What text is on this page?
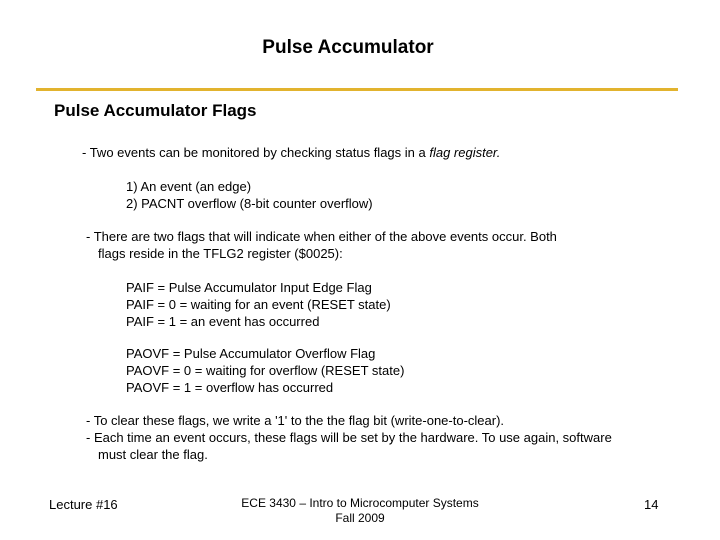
Pulse Accumulator
Pulse Accumulator Flags
- Two events can be monitored by checking status flags in a flag register.
1) An event (an edge)
2) PACNT overflow (8-bit counter overflow)
- There are two flags that will indicate when either of the above events occur. Both
flags reside in the TFLG2 register ($0025):
PAIF = Pulse Accumulator Input Edge Flag
PAIF = 0 = waiting for an event (RESET state)
PAIF = 1 = an event has occurred
PAOVF = Pulse Accumulator Overflow Flag
PAOVF = 0 = waiting for overflow (RESET state)
PAOVF = 1 = overflow has occurred
- To clear these flags, we write a '1' to the the flag bit (write-one-to-clear).
- Each time an event occurs, these flags will be set by the hardware. To use again, software
must clear the flag.
Lecture #16	ECE 3430 – Intro to Microcomputer Systems
Fall 2009
14
